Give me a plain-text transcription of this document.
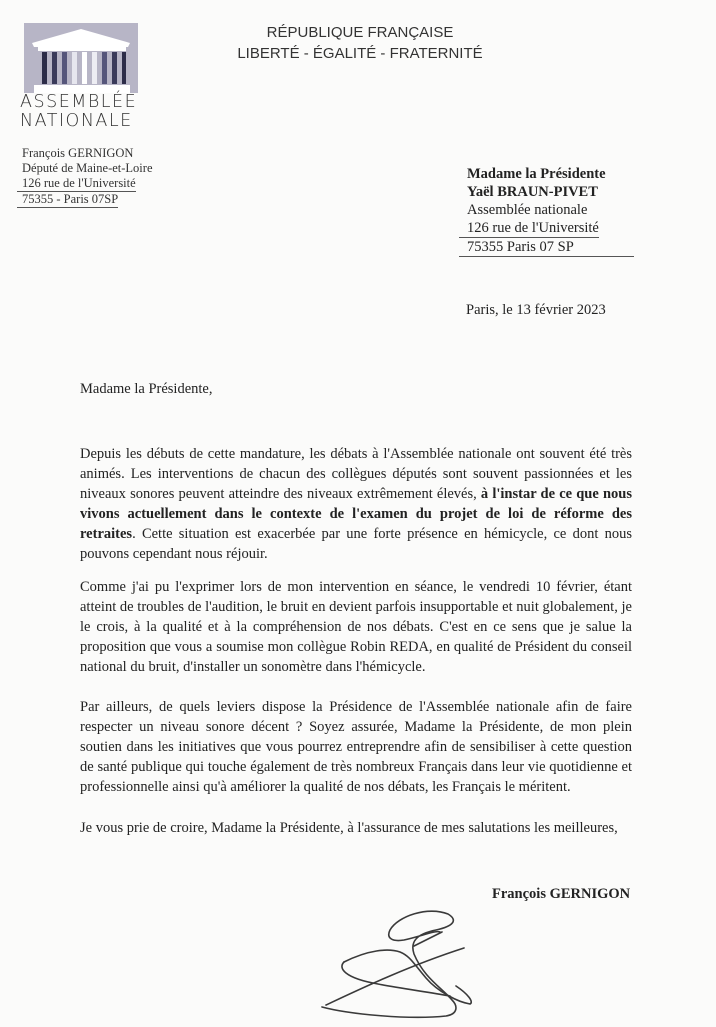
ASSEMBLÉE
NATIONALE
RÉPUBLIQUE FRANÇAISE
LIBERTÉ - ÉGALITÉ - FRATERNITÉ
François GERNIGON
Député de Maine-et-Loire
126 rue de l'Université
75355 - Paris 07SP
Madame la Présidente
Yaël BRAUN-PIVET
Assemblée nationale
126 rue de l'Université
75355 Paris 07 SP
Paris, le 13 février 2023
Madame la Présidente,
Depuis les débuts de cette mandature, les débats à l'Assemblée nationale ont souvent été très animés. Les interventions de chacun des collègues députés sont souvent passionnées et les niveaux sonores peuvent atteindre des niveaux extrêmement élevés, à l'instar de ce que nous vivons actuellement dans le contexte de l'examen du projet de loi de réforme des retraites. Cette situation est exacerbée par une forte présence en hémicycle, ce dont nous pouvons cependant nous réjouir.
Comme j'ai pu l'exprimer lors de mon intervention en séance, le vendredi 10 février, étant atteint de troubles de l'audition, le bruit en devient parfois insupportable et nuit globalement, je le crois, à la qualité et à la compréhension de nos débats. C'est en ce sens que je salue la proposition que vous a soumise mon collègue Robin REDA, en qualité de Président du conseil national du bruit, d'installer un sonomètre dans l'hémicycle.
Par ailleurs, de quels leviers dispose la Présidence de l'Assemblée nationale afin de faire respecter un niveau sonore décent ? Soyez assurée, Madame la Présidente, de mon plein soutien dans les initiatives que vous pourrez entreprendre afin de sensibiliser à cette question de santé publique qui touche également de très nombreux Français dans leur vie quotidienne et professionnelle ainsi qu'à améliorer la qualité de nos débats, les Français le méritent.
Je vous prie de croire, Madame la Présidente, à l'assurance de mes salutations les meilleures,
François GERNIGON
